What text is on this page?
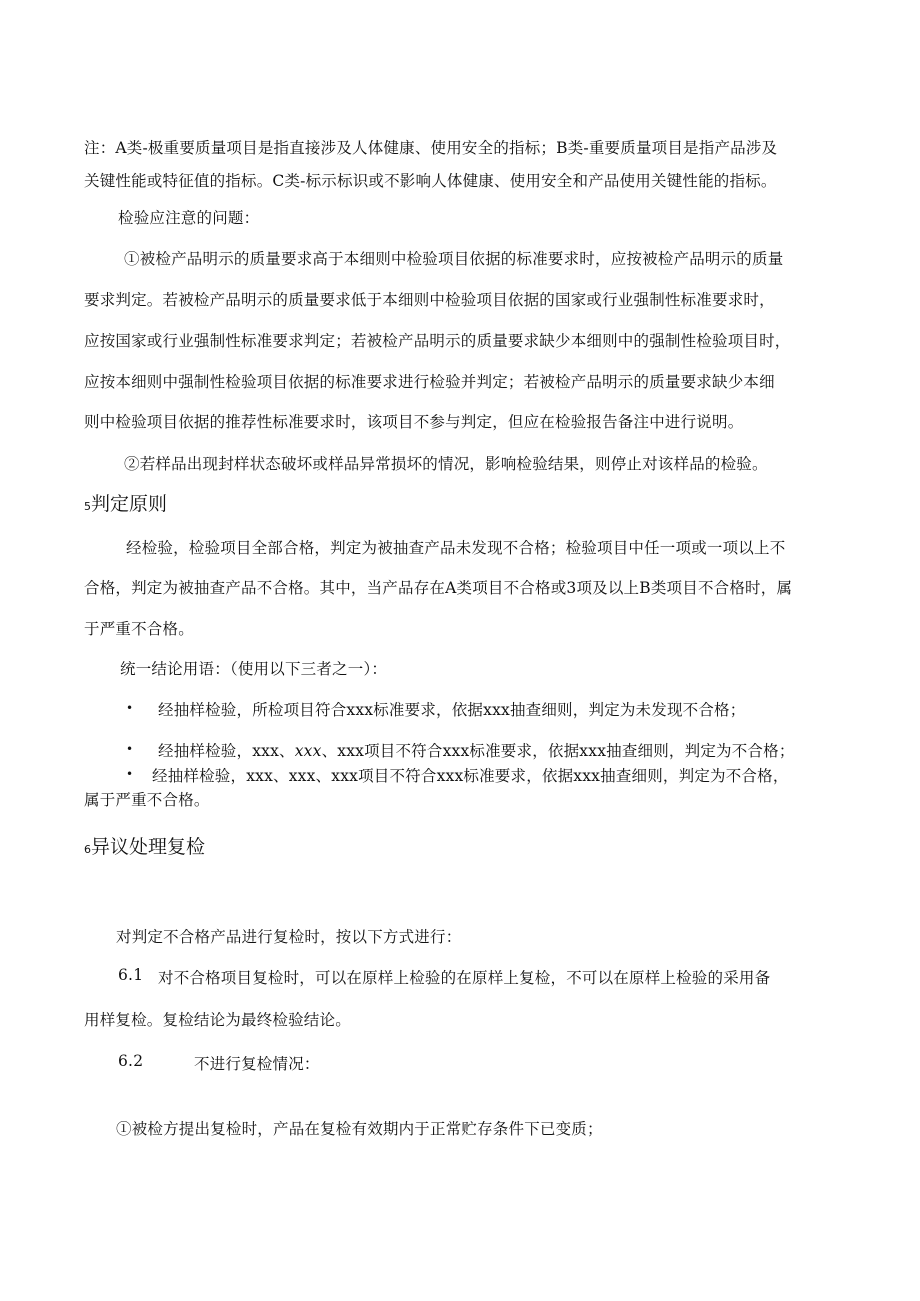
注：A类-极重要质量项目是指直接涉及人体健康、使用安全的指标；B类-重要质量项目是指产品涉及
关键性能或特征值的指标。C类-标示标识或不影响人体健康、使用安全和产品使用关键性能的指标。
检验应注意的问题：
①被检产品明示的质量要求高于本细则中检验项目依据的标准要求时，应按被检产品明示的质量
要求判定。若被检产品明示的质量要求低于本细则中检验项目依据的国家或行业强制性标准要求时，
应按国家或行业强制性标准要求判定；若被检产品明示的质量要求缺少本细则中的强制性检验项目时，
应按本细则中强制性检验项目依据的标准要求进行检验并判定；若被检产品明示的质量要求缺少本细
则中检验项目依据的推荐性标准要求时，该项目不参与判定，但应在检验报告备注中进行说明。
②若样品出现封样状态破坏或样品异常损坏的情况，影响检验结果，则停止对该样品的检验。
5判定原则
经检验，检验项目全部合格，判定为被抽查产品未发现不合格；检验项目中任一项或一项以上不
合格，判定为被抽查产品不合格。其中，当产品存在A类项目不合格或3项及以上B类项目不合格时，属
于严重不合格。
统一结论用语：（使用以下三者之一）：
• 经抽样检验，所检项目符合xxx标准要求，依据xxx抽查细则，判定为未发现不合格；
• 经抽样检验，xxx、xxx、xxx项目不符合xxx标准要求，依据xxx抽查细则，判定为不合格；
• 经抽样检验，xxx、xxx、xxx项目不符合xxx标准要求，依据xxx抽查细则，判定为不合格，
属于严重不合格。
6异议处理复检
对判定不合格产品进行复检时，按以下方式进行：
6.1 对不合格项目复检时，可以在原样上检验的在原样上复检，不可以在原样上检验的采用备
用样复检。复检结论为最终检验结论。
6.2	不进行复检情况：
①被检方提出复检时，产品在复检有效期内于正常贮存条件下已变质；
